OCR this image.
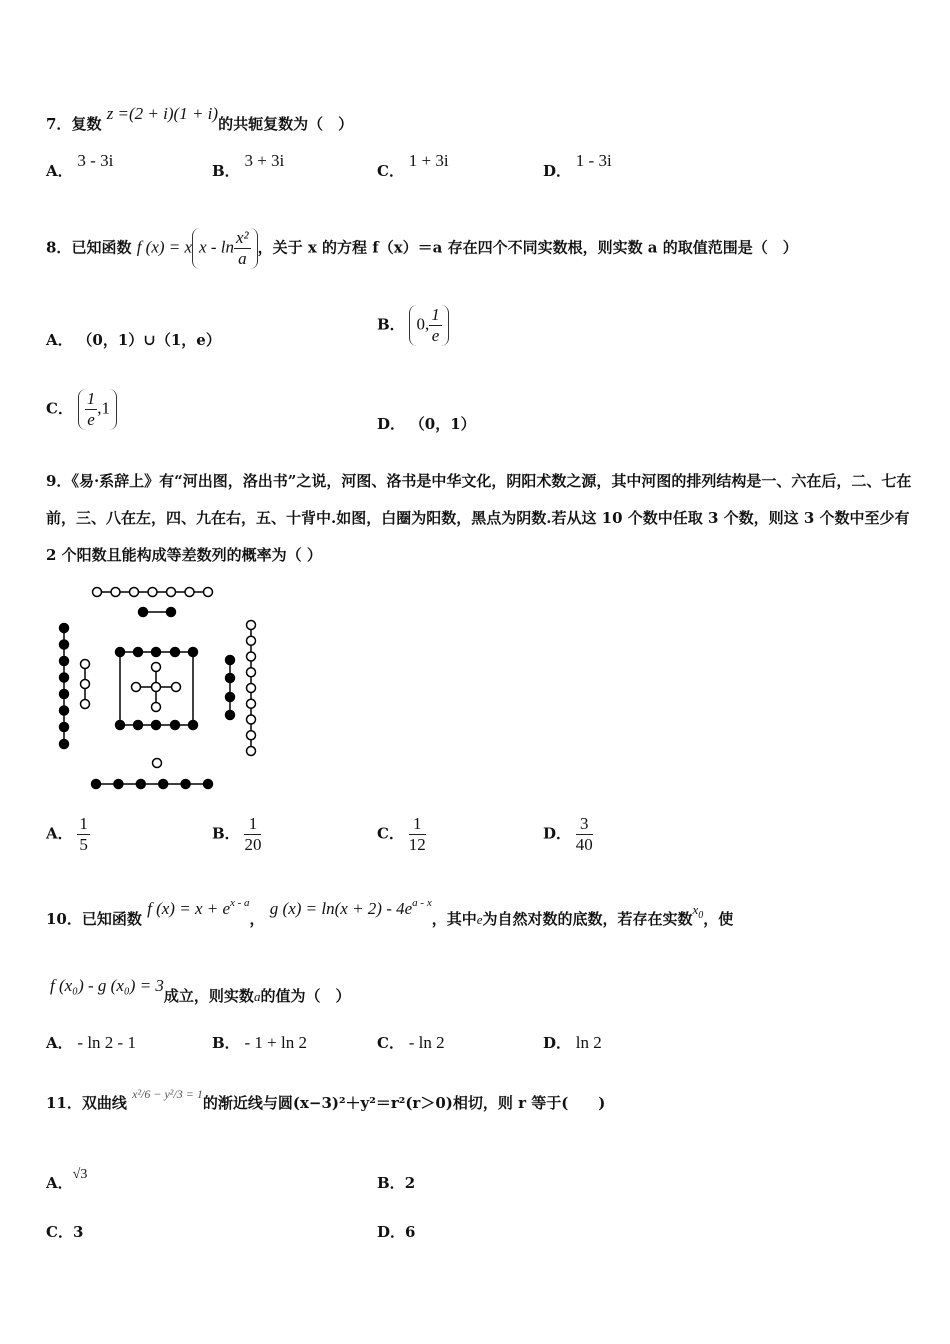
7．复数 z =(2 + i)(1 + i)的共轭复数为（　）
A． 3 - 3i
B． 3 + 3i
C． 1 + 3i
D． 1 - 3i
8．已知函数 f (x) = x x - $\ln \frac{\text{x²}}{a}$ ，关于 x 的方程 f（x）＝a 存在四个不同实数根，则实数 a 的取值范围是（　）
A． （0，1）∪（1，e）
B． 0, $\frac{1}{e}$
C． $\frac{1}{e} ,1$
D． （0，1）
9．《易·系辞上》有“河出图，洛出书”之说，河图、洛书是中华文化，阴阳术数之源，其中河图的排列结构是一、六在后，二、七在前，三、八在左，四、九在右，五、十背中.如图，白圈为阳数，黑点为阴数.若从这 10 个数中任取 3 个数，则这 3 个数中至少有 2 个阳数且能构成等差数列的概率为（ ）
A． $\frac{1}{5}$	B． $\frac{1}{20}$	C． $\frac{1}{12}$	D． $\frac{3}{40}$
10．已知函数 f $(x) = x + e^{x - a}$， g $(x) = \ln(x + 2) - 4e^{a - x}$，其中e为自然对数的底数，若存在实数$x_0$，使
f (x₀) - g (x₀) = 3成立，则实数a的值为（　）
A． - ln 2 - 1	B． - 1 + ln 2	C． - ln 2	D． ln 2
11．双曲线 $^{x^2/6 - y^2/3 = 1}$的渐近线与圆(x−3)²＋y²＝r²(r＞0)相切，则 r 等于(　　)
A．√3	B．2
C．3	D．6
